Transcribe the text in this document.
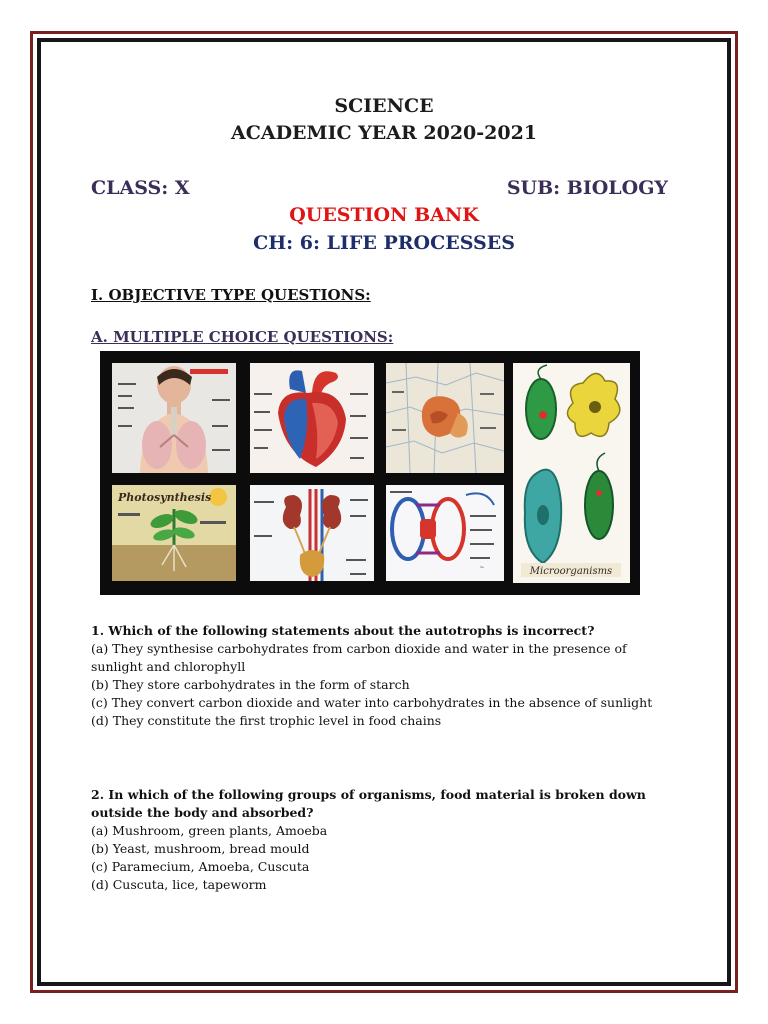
SCIENCE
ACADEMIC YEAR 2020-2021
CLASS: X	SUB: BIOLOGY
QUESTION BANK
CH: 6: LIFE PROCESSES
I. OBJECTIVE TYPE QUESTIONS:
A. MULTIPLE CHOICE QUESTIONS:
Microorganisms
Photosynthesis
~
1. Which of the following statements about the autotrophs is incorrect?
(a) They synthesise carbohydrates from carbon dioxide and water in the presence of sunlight and chlorophyll
(b) They store carbohydrates in the form of starch
(c) They convert carbon dioxide and water into carbohydrates in the absence of sunlight
(d) They constitute the first trophic level in food chains
2. In which of the following groups of organisms, food material is broken down outside the body and absorbed?
(a) Mushroom, green plants, Amoeba
(b) Yeast, mushroom, bread mould
(c) Paramecium, Amoeba, Cuscuta
(d) Cuscuta, lice, tapeworm
